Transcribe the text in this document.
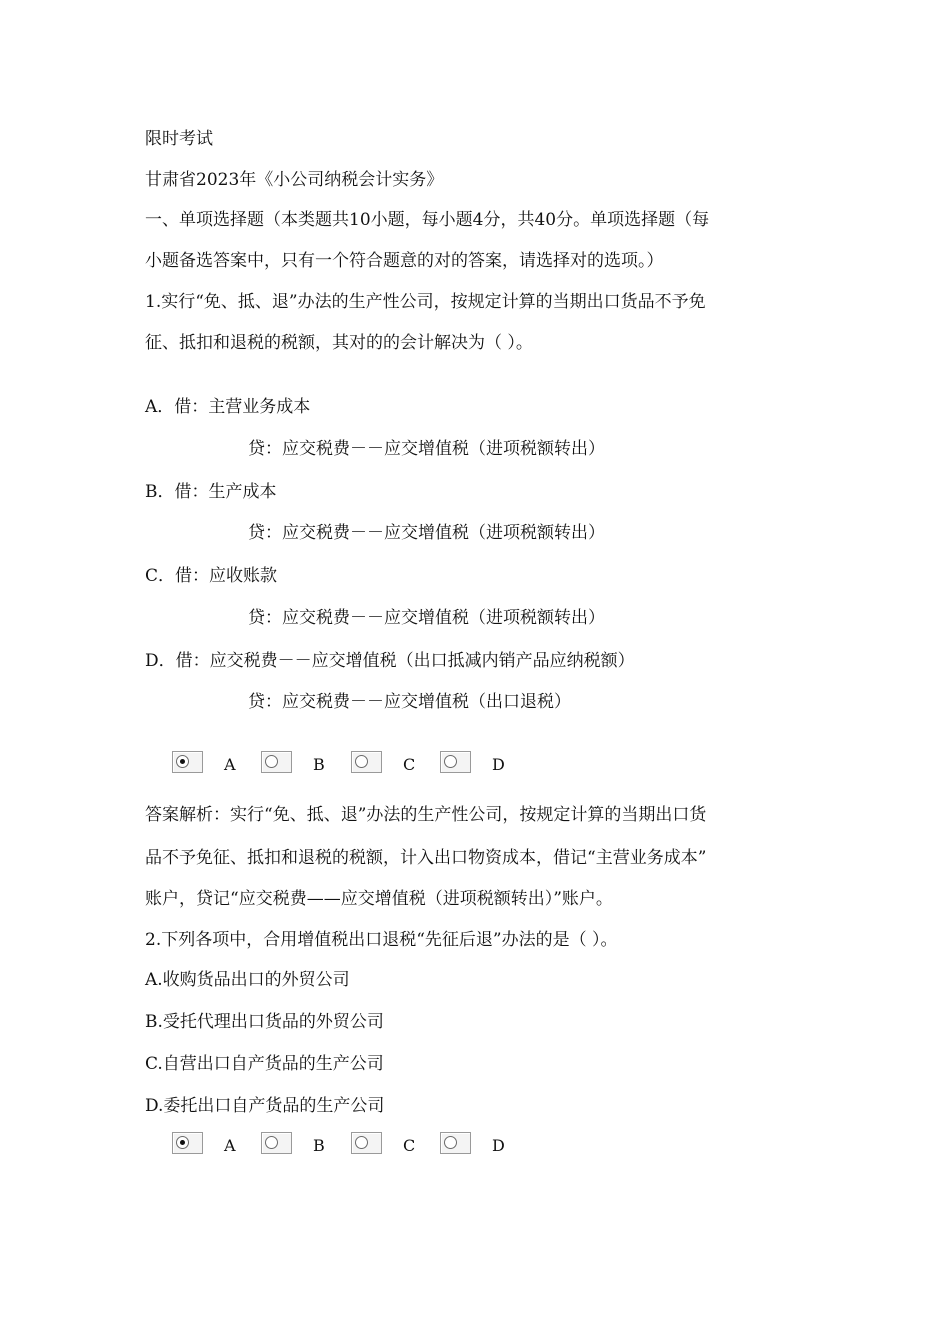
限时考试
甘肃省2023年《小公司纳税会计实务》
一、单项选择题（本类题共10小题，每小题4分，共40分。单项选择题（每
小题备选答案中，只有一个符合题意的对的答案，请选择对的选项。）
1.实行“免、抵、退”办法的生产性公司，按规定计算的当期出口货品不予免
征、抵扣和退税的税额，其对的的会计解决为（ ）。
A．借：主营业务成本
贷：应交税费－－应交增值税（进项税额转出）
B．借：生产成本
贷：应交税费－－应交增值税（进项税额转出）
C．借：应收账款
贷：应交税费－－应交增值税（进项税额转出）
D．借：应交税费－－应交增值税（出口抵减内销产品应纳税额）
贷：应交税费－－应交增值税（出口退税）
A	B	C	D
答案解析：实行“免、抵、退”办法的生产性公司，按规定计算的当期出口货
品不予免征、抵扣和退税的税额，计入出口物资成本，借记“主营业务成本”
账户，贷记“应交税费——应交增值税（进项税额转出）”账户。
2.下列各项中，合用增值税出口退税“先征后退”办法的是（ ）。
A.收购货品出口的外贸公司
B.受托代理出口货品的外贸公司
C.自营出口自产货品的生产公司
D.委托出口自产货品的生产公司
A	B	C	D
